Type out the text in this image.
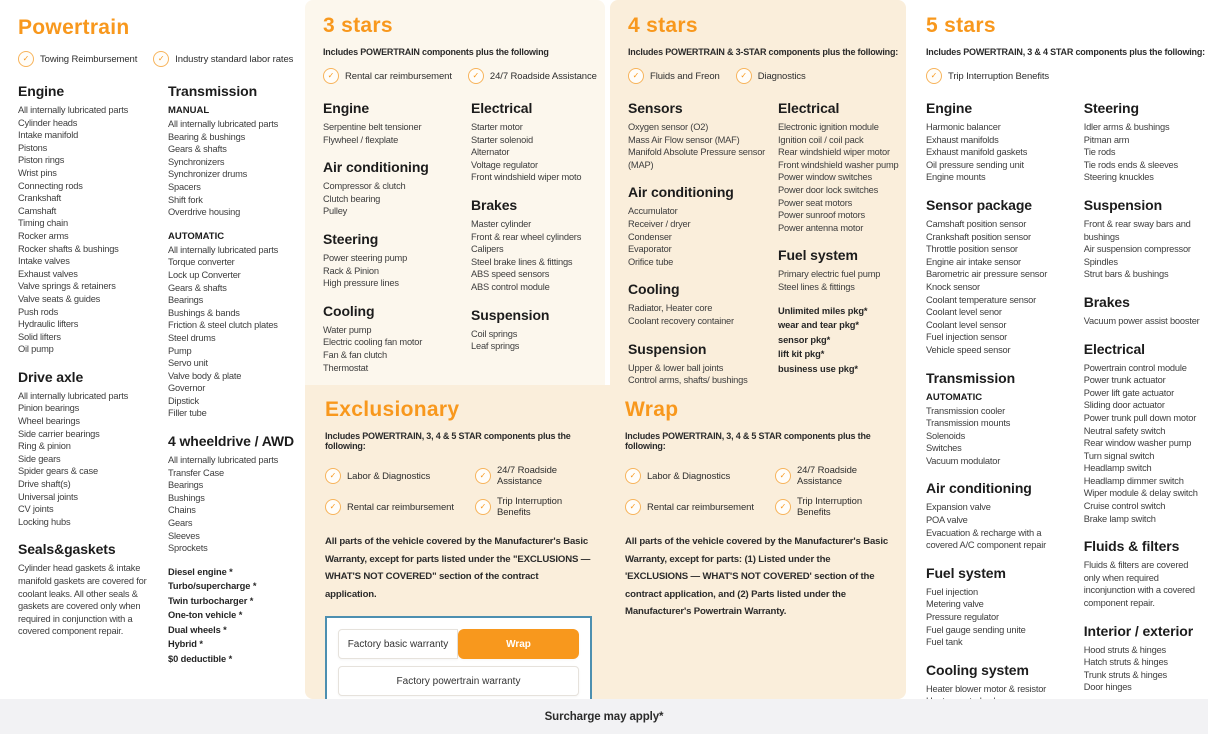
Powertrain
✓	Towing Reimbursement	✓	Industry standard labor rates
Engine
All internally lubricated parts
Cylinder heads
Intake manifold
Pistons
Piston rings
Wrist pins
Connecting rods
Crankshaft
Camshaft
Timing chain
Rocker arms
Rocker shafts & bushings
Intake valves
Exhaust valves
Valve springs & retainers
Valve seats & guides
Push rods
Hydraulic lifters
Solid lifters
Oil pump
Drive axle
All internally lubricated parts
Pinion bearings
Wheel bearings
Side carrier bearings
Ring & pinion
Side gears
Spider gears & case
Drive shaft(s)
Universal joints
CV joints
Locking hubs
Seals&gaskets
Cylinder head gaskets & intake manifold gaskets are covered for coolant leaks. All other seals & gaskets are covered only when required in conjunction with a covered component repair.
Transmission
MANUAL
All internally lubricated parts
Bearing & bushings
Gears & shafts
Synchronizers
Synchronizer drums
Spacers
Shift fork
Overdrive housing
AUTOMATIC
All internally lubricated parts
Torque converter
Lock up Converter
Gears & shafts
Bearings
Bushings & bands
Friction & steel clutch plates
Steel drums
Pump
Servo unit
Valve body & plate
Governor
Dipstick
Filler tube
4 wheeldrive / AWD
All internally lubricated parts
Transfer Case
Bearings
Bushings
Chains
Gears
Sleeves
Sprockets
Diesel engine *
Turbo/supercharge *
Twin turbocharger *
One-ton vehicle *
Dual wheels *
Hybrid *
$0 deductible *
3 stars
Includes POWERTRAIN components plus the following
✓	Rental car reimbursement	✓	24/7 Roadside Assistance
Engine
Serpentine belt tensioner
Flywheel / flexplate
Air conditioning
Compressor & clutch
Clutch bearing
Pulley
Steering
Power steering pump
Rack & Pinion
High pressure lines
Cooling
Water pump
Electric cooling fan motor
Fan & fan clutch
Thermostat
Electrical
Starter motor
Starter solenoid
Alternator
Voltage regulator
Front windshield wiper moto
Brakes
Master cylinder
Front & rear wheel cylinders
Calipers
Steel brake lines & fittings
ABS speed sensors
ABS control module
Suspension
Coil springs
Leaf springs
4 stars
Includes POWERTRAIN & 3-STAR components plus the following:
✓	Fluids and Freon	✓	Diagnostics
Sensors
Oxygen sensor (O2)
Mass Air Flow sensor (MAF)
Manifold Absolute Pressure sensor (MAP)
Air conditioning
Accumulator
Receiver / dryer
Condenser
Evaporator
Orifice tube
Cooling
Radiator, Heater core
Coolant recovery container
Suspension
Upper & lower ball joints
Control arms, shafts/ bushings
Electrical
Electronic ignition module
Ignition coil / coil pack
Rear windshield wiper motor
Front windshield washer pump
Power window switches
Power door lock switches
Power seat motors
Power sunroof motors
Power antenna motor
Fuel system
Primary electric fuel pump
Steel lines & fittings
Unlimited miles pkg*
wear and tear pkg*
sensor pkg*
lift kit pkg*
business use pkg*
5 stars
Includes POWERTRAIN, 3 & 4 STAR components plus the following:
✓	Trip Interruption Benefits
Engine
Harmonic balancer
Exhaust manifolds
Exhaust manifold gaskets
Oil pressure sending unit
Engine mounts
Sensor package
Camshaft position sensor
Crankshaft position sensor
Throttle position sensor
Engine air intake sensor
Barometric air pressure sensor
Knock sensor
Coolant temperature sensor
Coolant level senor
Coolant level sensor
Fuel injection sensor
Vehicle speed sensor
Transmission
AUTOMATIC
Transmission cooler
Transmission mounts
Solenoids
Switches
Vacuum modulator
Air conditioning
Expansion valve
POA valve
Evacuation & recharge with a covered A/C component repair
Fuel system
Fuel injection
Metering valve
Pressure regulator
Fuel gauge sending unite
Fuel tank
Cooling system
Heater blower motor & resistor
Steering
Idler arms & bushings
Pitman arm
Tie rods
Tie rods ends & sleeves
Steering knuckles
Suspension
Front & rear sway bars and bushings
Air suspension compressor
Spindles
Strut bars & bushings
Brakes
Vacuum power assist booster
Electrical
Powertrain control module
Power trunk actuator
Power lift gate actuator
Sliding door actuator
Power trunk pull down motor
Neutral safety switch
Rear window washer pump
Turn signal switch
Headlamp switch
Headlamp dimmer switch
Wiper module & delay switch
Cruise control switch
Brake lamp switch
Fluids & filters
Fluids & filters are covered only when required inconjunction with a covered component repair.
Interior / exterior
Hood struts & hinges
Hatch struts & hinges
Trunk struts & hinges
Door hinges
Exclusionary
Includes POWERTRAIN, 3, 4 & 5 STAR components plus the following:
✓	Labor & Diagnostics	✓	24/7 Roadside Assistance
✓	Rental car reimbursement	✓	Trip Interruption Benefits
All parts of the vehicle covered by the Manufacturer's Basic Warranty, except for parts listed under the "EXCLUSIONS — WHAT'S NOT COVERED" section of the contract application.
Factory basic warranty	Wrap
Factory powertrain warranty
Wrap
Includes POWERTRAIN, 3, 4 & 5 STAR components plus the following:
✓	Labor & Diagnostics	✓	24/7 Roadside Assistance
✓	Rental car reimbursement	✓	Trip Interruption Benefits
All parts of the vehicle covered by the Manufacturer's Basic Warranty, except for parts: (1) Listed under the 'EXCLUSIONS — WHAT'S NOT COVERED' section of the contract application, and (2) Parts listed under the Manufacturer's Powertrain Warranty.
Surcharge may apply*
